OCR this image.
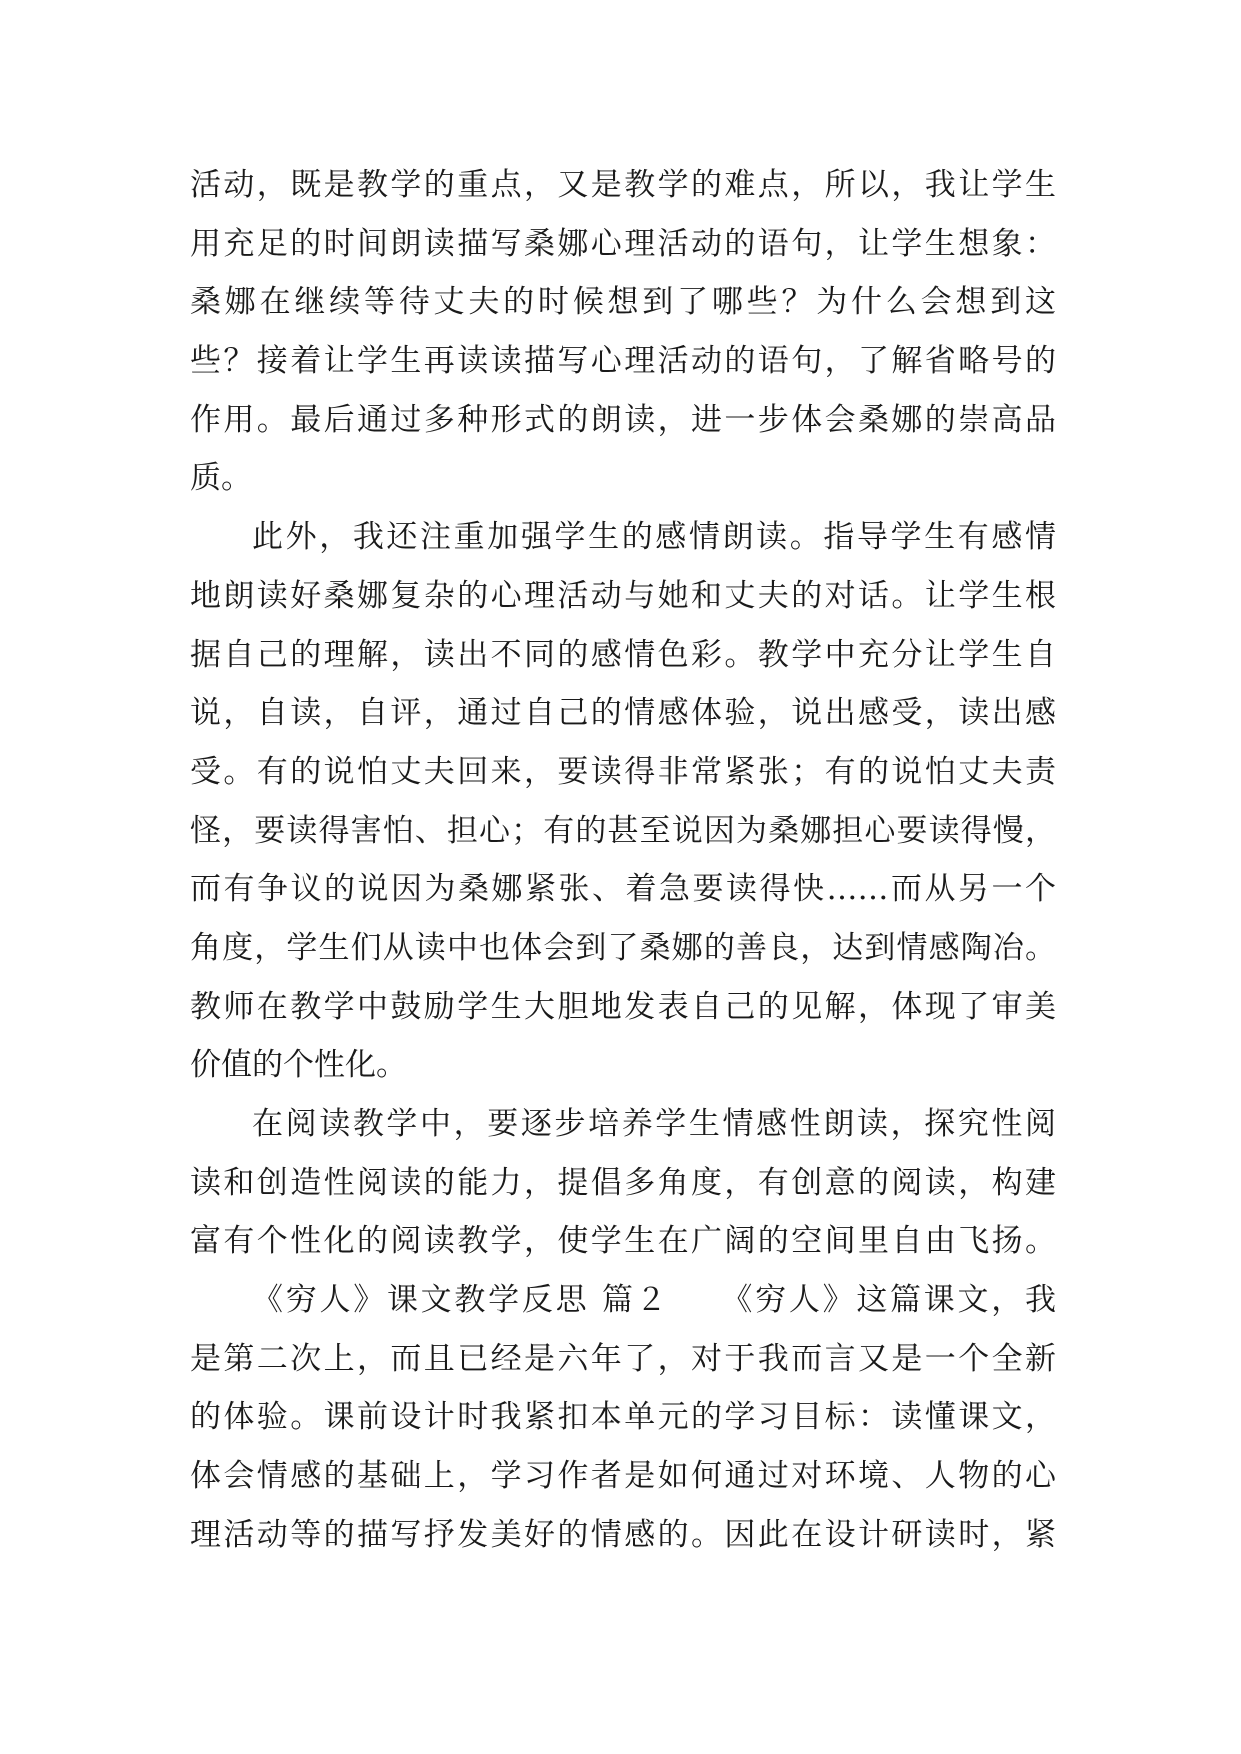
活动，既是教学的重点，又是教学的难点，所以，我让学生
用充足的时间朗读描写桑娜心理活动的语句，让学生想象：
桑娜在继续等待丈夫的时候想到了哪些？为什么会想到这
些？接着让学生再读读描写心理活动的语句，了解省略号的
作用。最后通过多种形式的朗读，进一步体会桑娜的崇高品
质。
此外，我还注重加强学生的感情朗读。指导学生有感情
地朗读好桑娜复杂的心理活动与她和丈夫的对话。让学生根
据自己的理解，读出不同的感情色彩。教学中充分让学生自
说，自读，自评，通过自己的情感体验，说出感受，读出感
受。有的说怕丈夫回来，要读得非常紧张；有的说怕丈夫责
怪，要读得害怕、担心；有的甚至说因为桑娜担心要读得慢，
而有争议的说因为桑娜紧张、着急要读得快……而从另一个
角度，学生们从读中也体会到了桑娜的善良，达到情感陶冶。
教师在教学中鼓励学生大胆地发表自己的见解，体现了审美
价值的个性化。
在阅读教学中，要逐步培养学生情感性朗读，探究性阅
读和创造性阅读的能力，提倡多角度，有创意的阅读，构建
富有个性化的阅读教学，使学生在广阔的空间里自由飞扬。
《穷人》课文教学反思 篇２　　《穷人》这篇课文，我
是第二次上，而且已经是六年了，对于我而言又是一个全新
的体验。课前设计时我紧扣本单元的学习目标：读懂课文，
体会情感的基础上，学习作者是如何通过对环境、人物的心
理活动等的描写抒发美好的情感的。因此在设计研读时，紧
